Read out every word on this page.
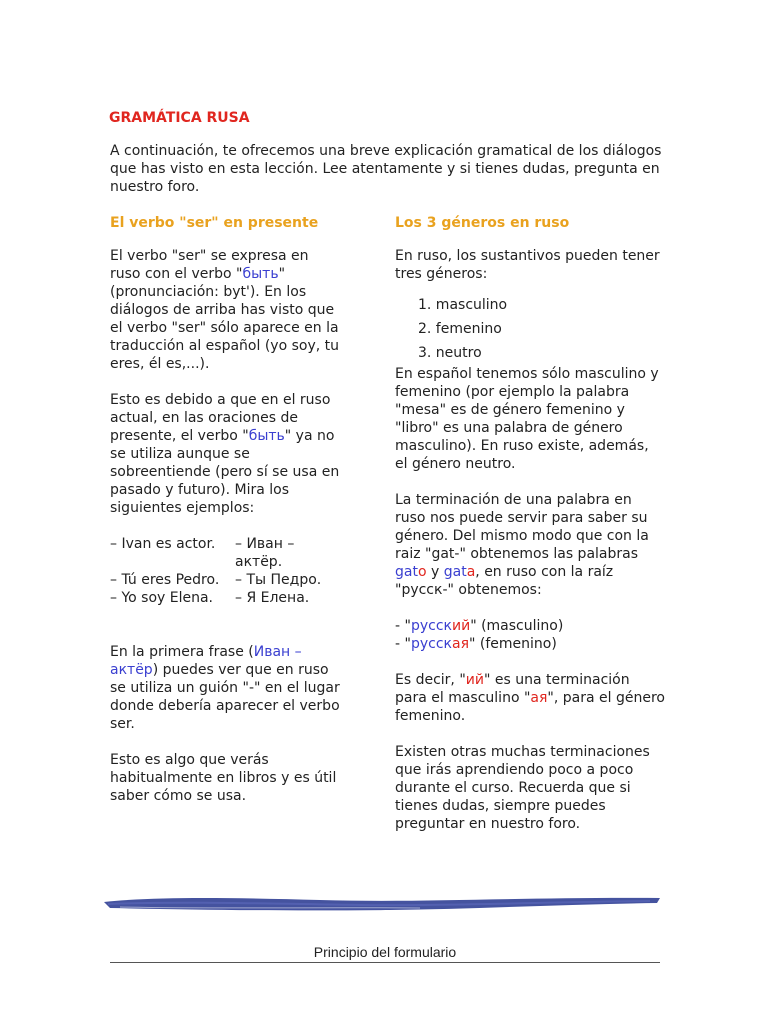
GRAMÁTICA RUSA
A continuación, te ofrecemos una breve explicación gramatical de los diálogos que has visto en esta lección. Lee atentamente y si tienes dudas, pregunta en nuestro foro.
El verbo "ser" en presente	Los 3 géneros en ruso

El verbo "ser" se expresa en ruso con el verbo "быть" (pronunciación: byt'). En los diálogos de arriba has visto que el verbo "ser" sólo aparece en la traducción al español (yo soy, tu eres, él es,...).

Esto es debido a que en el ruso actual, en las oraciones de presente, el verbo "быть" ya no se utiliza aunque se sobreentiende (pero sí se usa en pasado y futuro). Mira los siguientes ejemplos:

– Ivan es actor.	– Иван – актёр.
– Tú eres Pedro.	– Ты Педро.
– Yo soy Elena.	– Я Елена.

En la primera frase (Иван – актёр) puedes ver que en ruso se utiliza un guión "-" en el lugar donde debería aparecer el verbo ser.

Esto es algo que verás habitualmente en libros y es útil saber cómo se usa.

En ruso, los sustantivos pueden tener tres géneros:

1. masculino
2. femenino
3. neutro

En español tenemos sólo masculino y femenino (por ejemplo la palabra "mesa" es de género femenino y "libro" es una palabra de género masculino). En ruso existe, además, el género neutro.

La terminación de una palabra en ruso nos puede servir para saber su género. Del mismo modo que con la raiz "gat-" obtenemos las palabras gato y gata, en ruso con la raíz "русск-" obtenemos:

- "русский" (masculino)

- "русская" (femenino)

Es decir, "ий" es una terminación para el masculino "ая", para el género femenino.

Existen otras muchas terminaciones que irás aprendiendo poco a poco durante el curso. Recuerda que si tienes dudas, siempre puedes preguntar en nuestro foro.

Principio del formulario
